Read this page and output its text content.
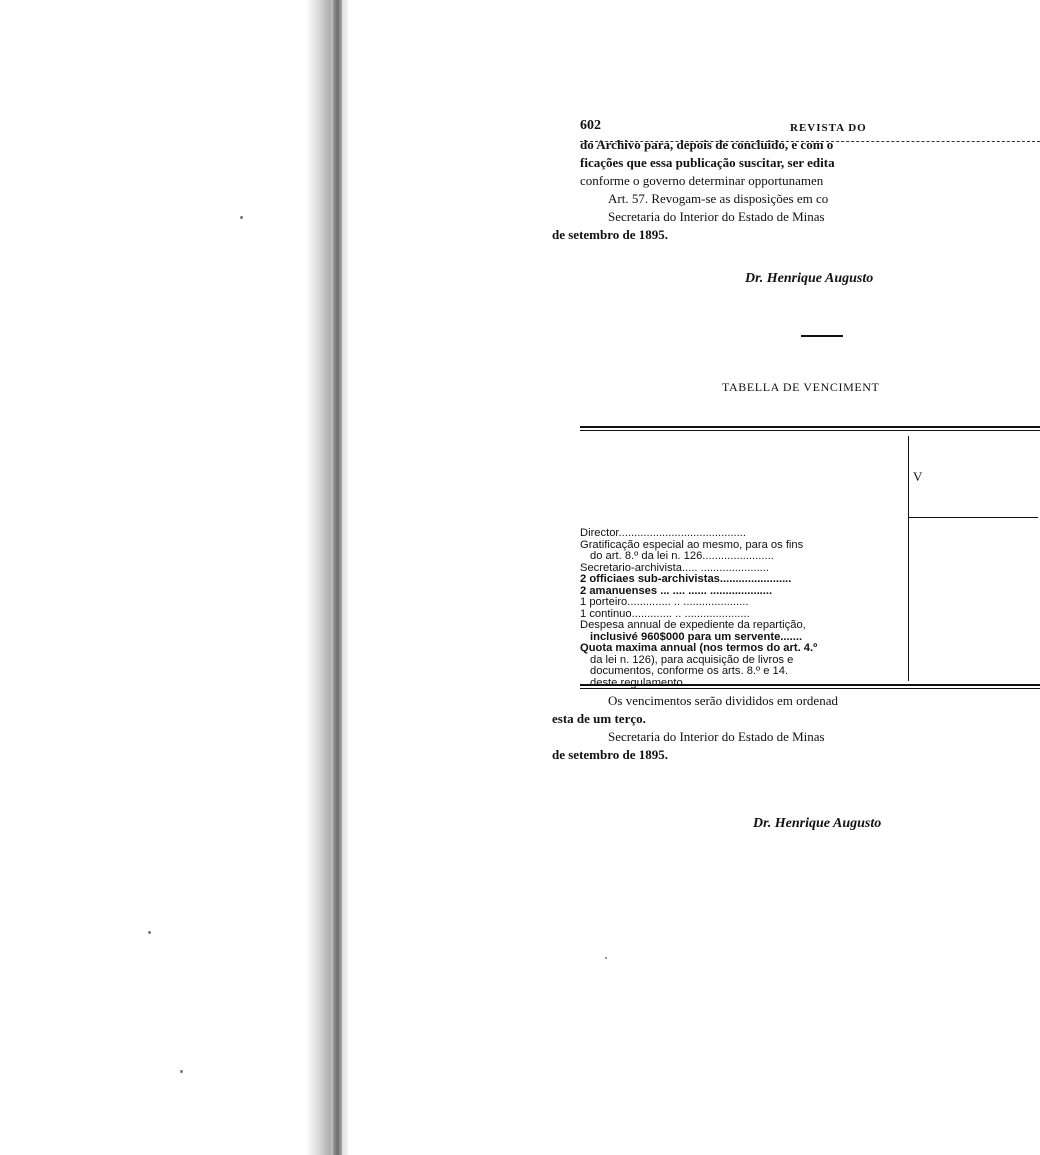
602	REVISTA DO

do Archivo para, depois de concluido, e com o
ficações que essa publicação suscitar, ser edita
conforme o governo determinar opportunamen

Art. 57. Revogam-se as disposições em co

Secretaria do Interior do Estado de Minas
de setembro de 1895.

Dr. Henrique Augusto
TABELLA DE VENCIMENT
V
Director.........................................
Gratificação especial ao mesmo, para os fins
do art. 8.º da lei n. 126.......................
Secretario-archivista..... ......................
2 officiaes sub-archivistas.......................
2 amanuenses ... .... ...... ....................
1 porteiro.............. .. .....................
1 continuo............. .. .....................
Despesa annual de expediente da repartição,
inclusivé 960$000 para um servente.......
Quota maxima annual (nos termos do art. 4.º
da lei n. 126), para acquisição de livros e
documentos, conforme os arts. 8.º e 14.
deste regulamento.........................

Os vencimentos serão divididos em ordenad
esta de um terço.

Secretaria do Interior do Estado de Minas
de setembro de 1895.

Dr. Henrique Augusto
